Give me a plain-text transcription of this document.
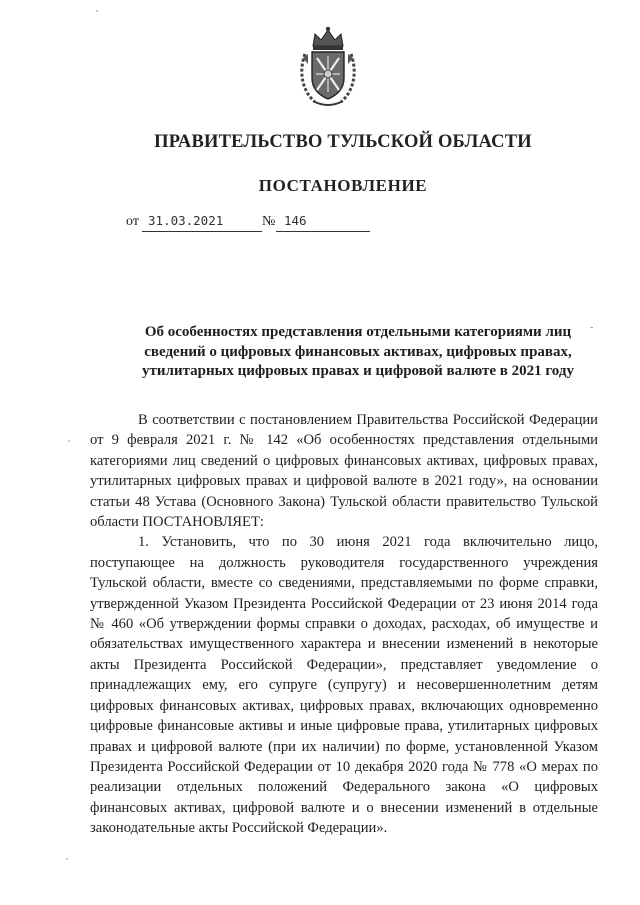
ПРАВИТЕЛЬСТВО ТУЛЬСКОЙ ОБЛАСТИ
ПОСТАНОВЛЕНИЕ
от 31.03.2021	№ 146
Об особенностях представления отдельными категориями лиц сведений о цифровых финансовых активах, цифровых правах, утилитарных цифровых правах и цифровой валюте в 2021 году
-

В соответствии с постановлением Правительства Российской Федерации от 9 февраля 2021 г. № 142 «Об особенностях представления отдельными категориями лиц сведений о цифровых финансовых активах, цифровых правах, утилитарных цифровых правах и цифровой валюте в 2021 году», на основании статьи 48 Устава (Основного Закона) Тульской области правительство Тульской области ПОСТАНОВЛЯЕТ:

1. Установить, что по 30 июня 2021 года включительно лицо, поступающее на должность руководителя государственного учреждения Тульской области, вместе со сведениями, представляемыми по форме справки, утвержденной Указом Президента Российской Федерации от 23 июня 2014 года № 460 «Об утверждении формы справки о доходах, расходах, об имуществе и обязательствах имущественного характера и внесении изменений в некоторые акты Президента Российской Федерации», представляет уведомление о принадлежащих ему, его супруге (супругу) и несовершеннолетним детям цифровых финансовых активах, цифровых правах, включающих одновременно цифровые финансовые активы и иные цифровые права, утилитарных цифровых правах и цифровой валюте (при их наличии) по форме, установленной Указом Президента Российской Федерации от 10 декабря 2020 года № 778 «О мерах по реализации отдельных положений Федерального закона «О цифровых финансовых активах, цифровой валюте и о внесении изменений в отдельные законодательные акты Российской Федерации».
